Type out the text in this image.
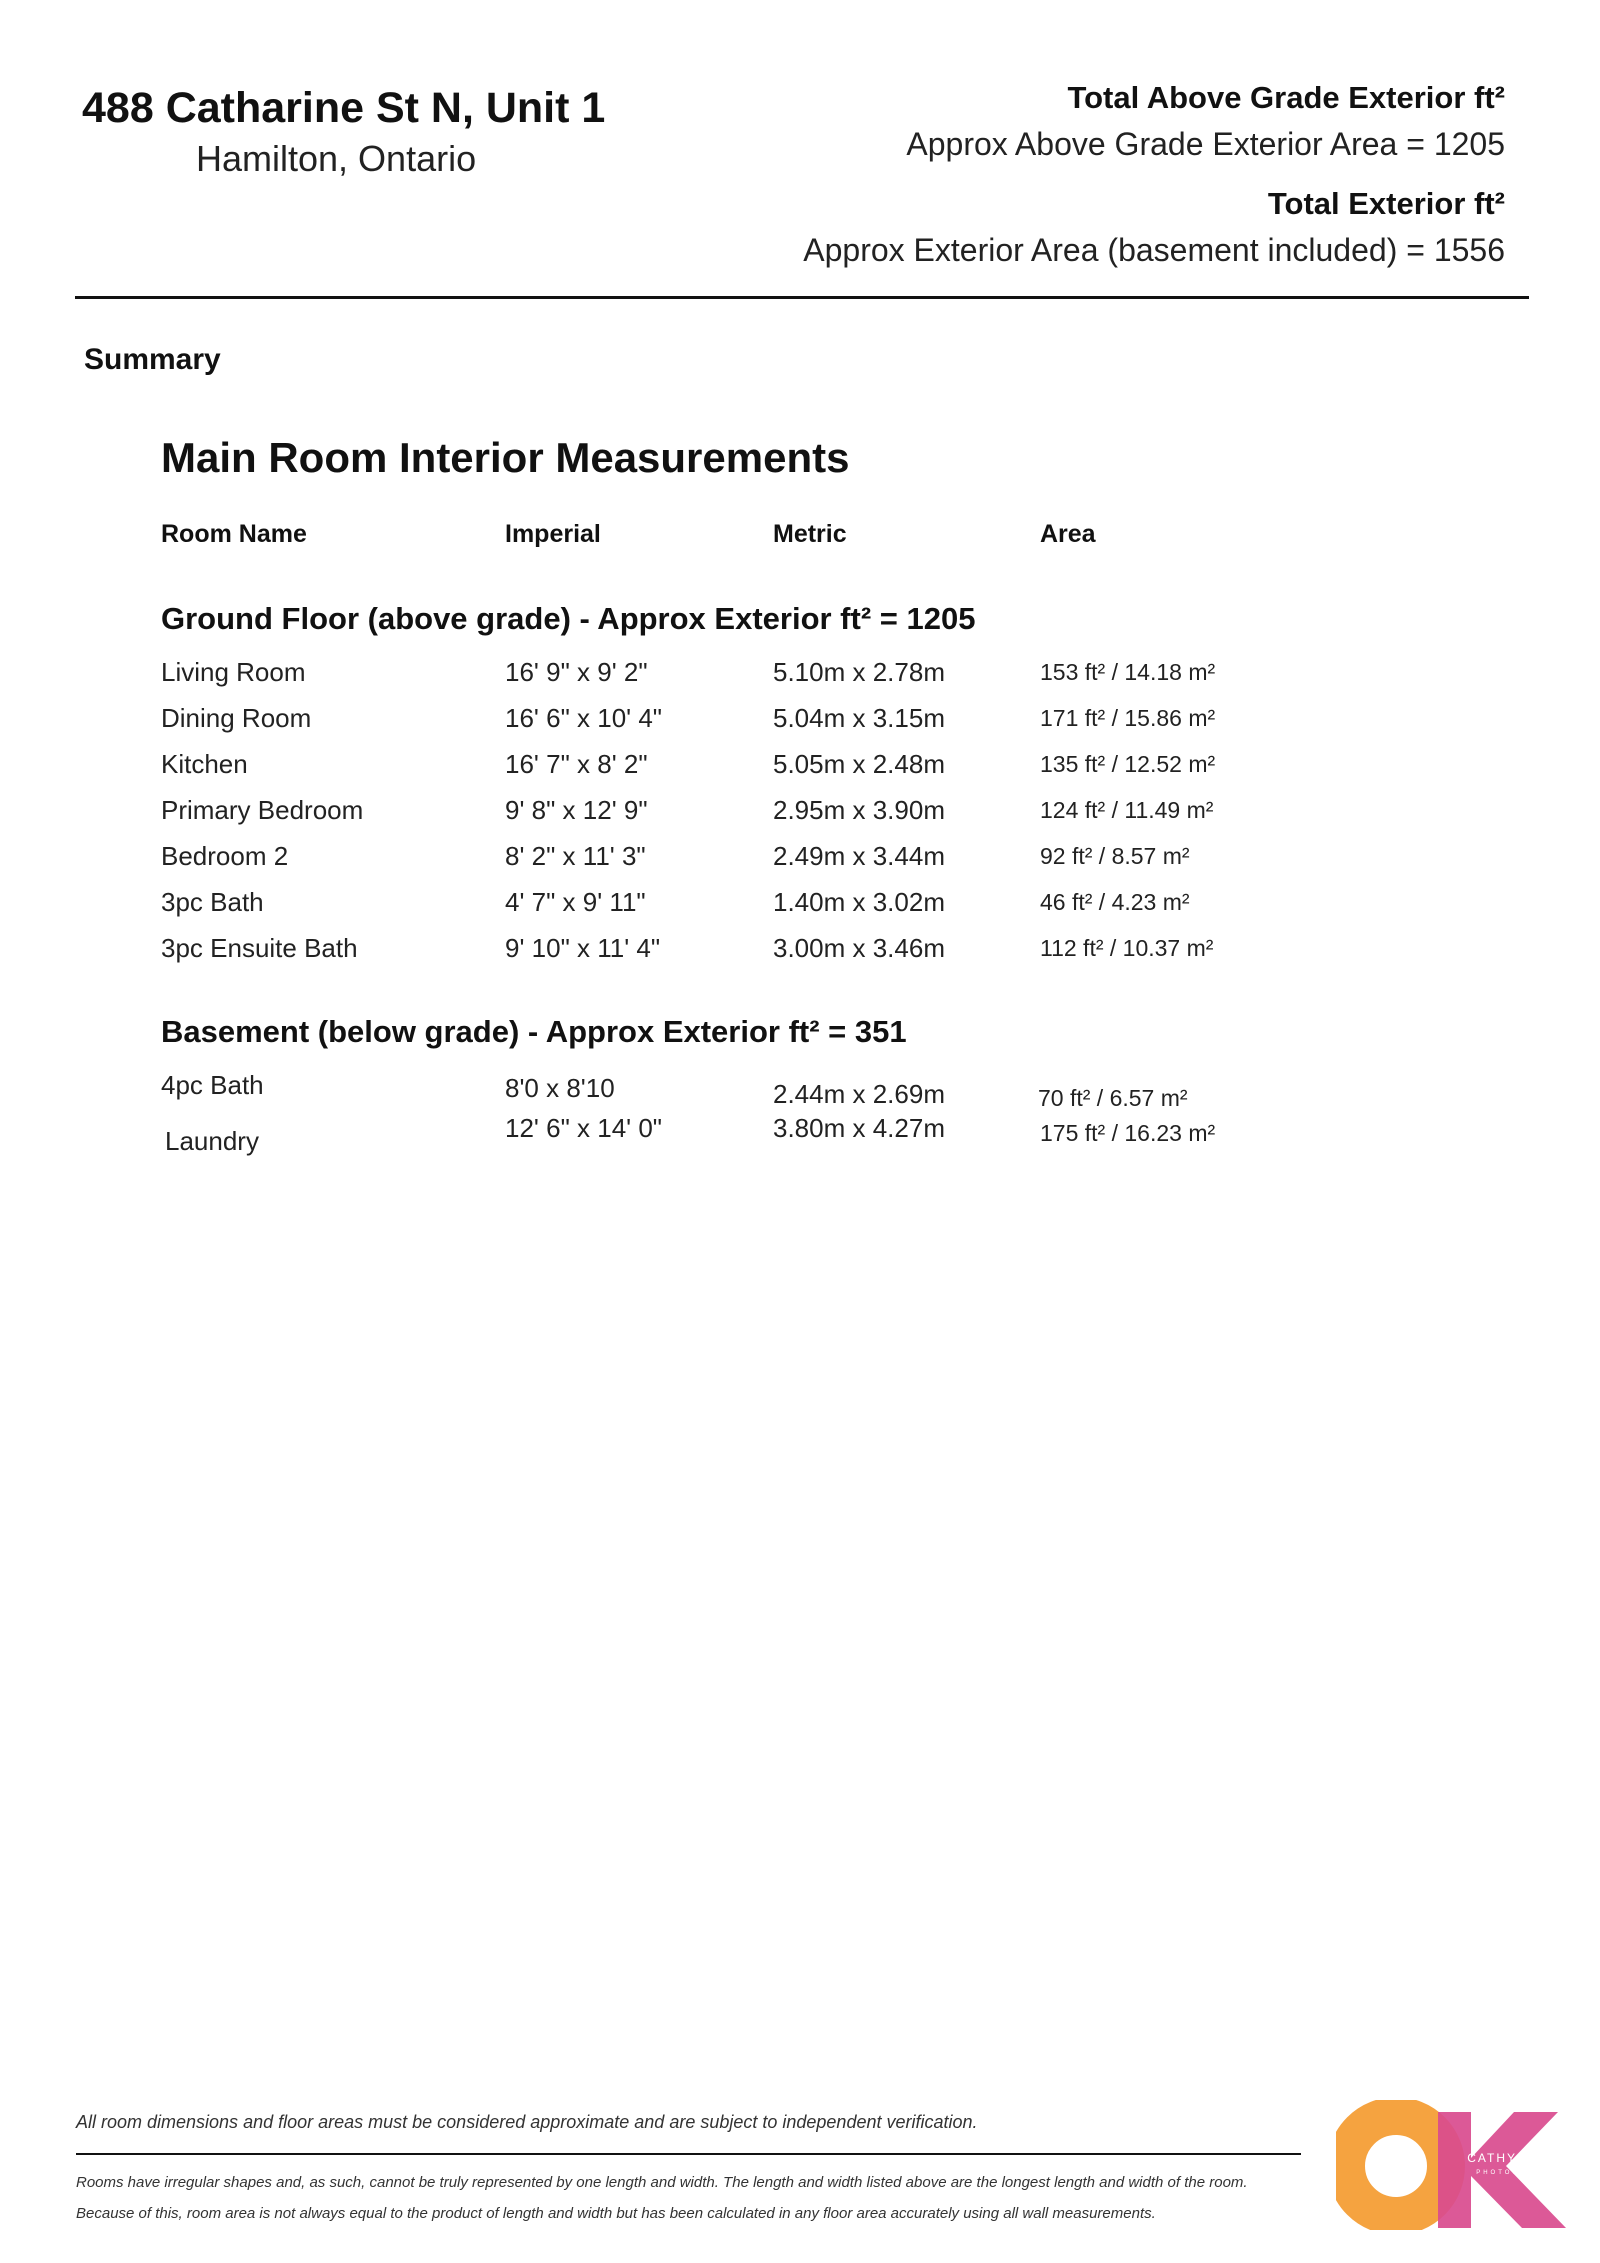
488 Catharine St N, Unit 1
Hamilton, Ontario
Total Above Grade Exterior ft²
Approx Above Grade Exterior Area = 1205
Total Exterior ft²
Approx Exterior Area (basement included) = 1556
Summary
Main Room Interior Measurements
Room Name	Imperial	Metric	Area
Ground Floor (above grade) - Approx Exterior ft² = 1205
Living Room	16' 9" x 9' 2"	5.10m x 2.78m	153 ft² / 14.18 m²
Dining Room	16' 6" x 10' 4"	5.04m x 3.15m	171 ft² / 15.86 m²
Kitchen	16' 7" x 8' 2"	5.05m x 2.48m	135 ft² / 12.52 m²
Primary Bedroom	9' 8" x 12' 9"	2.95m x 3.90m	124 ft² / 11.49 m²
Bedroom 2	8' 2" x 11' 3"	2.49m x 3.44m	92 ft² / 8.57 m²
3pc Bath	4' 7" x 9' 11"	1.40m x 3.02m	46 ft² / 4.23 m²
3pc Ensuite Bath	9' 10" x 11' 4"	3.00m x 3.46m	112 ft² / 10.37 m²
Basement (below grade) - Approx Exterior ft² = 351
4pc Bath	8'0 x 8'10	2.44m x 2.69m	70 ft² / 6.57 m²
Laundry	12' 6" x 14' 0"	3.80m x 4.27m	175 ft² / 16.23 m²
All room dimensions and floor areas must be considered approximate and are subject to independent verification.
Rooms have irregular shapes and, as such, cannot be truly represented by one length and width. The length and width listed above are the longest length and width of the room.
Because of this, room area is not always equal to the product of length and width but has been calculated in any floor area accurately using all wall measurements.
CATHY KOOP
PHOTOGRAPHY
